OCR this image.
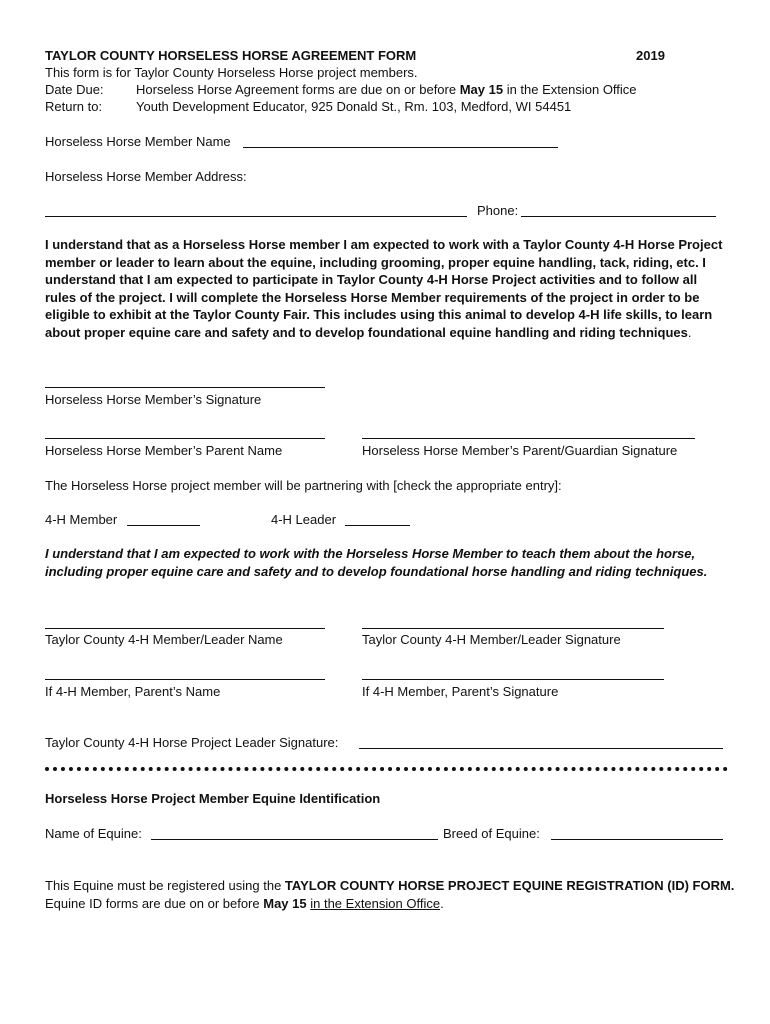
TAYLOR COUNTY HORSELESS HORSE AGREEMENT FORM	2019
This form is for Taylor County Horseless Horse project members.
Date Due: Horseless Horse Agreement forms are due on or before May 15 in the Extension Office
Return to:	Youth Development Educator, 925 Donald St., Rm. 103, Medford, WI 54451
Horseless Horse Member Name
Horseless Horse Member Address:
Phone:
I understand that as a Horseless Horse member I am expected to work with a Taylor County 4-H Horse Project member or leader to learn about the equine, including grooming, proper equine handling, tack, riding, etc. I understand that I am expected to participate in Taylor County 4-H Horse Project activities and to follow all rules of the project. I will complete the Horseless Horse Member requirements of the project in order to be eligible to exhibit at the Taylor County Fair. This includes using this animal to develop 4-H life skills, to learn about proper equine care and safety and to develop foundational equine handling and riding techniques.
Horseless Horse Member’s Signature
Horseless Horse Member’s Parent Name	Horseless Horse Member’s Parent/Guardian Signature
The Horseless Horse project member will be partnering with [check the appropriate entry]:
4-H Member	4-H Leader
I understand that I am expected to work with the Horseless Horse Member to teach them about the horse, including proper equine care and safety and to develop foundational horse handling and riding techniques.
Taylor County 4-H Member/Leader Name	Taylor County 4-H Member/Leader Signature
If 4-H Member, Parent’s Name	If 4-H Member, Parent’s Signature
Taylor County 4-H Horse Project Leader Signature:
Horseless Horse Project Member Equine Identification
Name of Equine:	Breed of Equine:
This Equine must be registered using the TAYLOR COUNTY HORSE PROJECT EQUINE REGISTRATION (ID) FORM. Equine ID forms are due on or before May 15 in the Extension Office.
